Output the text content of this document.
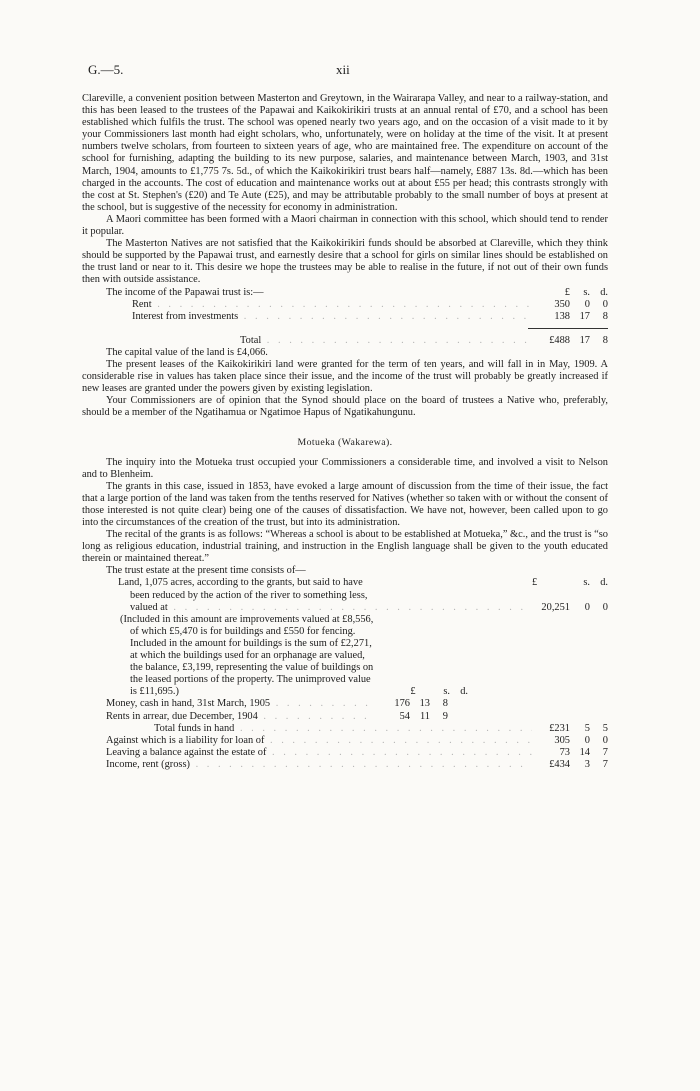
G.—5.	xii

Clareville, a convenient position between Masterton and Greytown, in the Wairarapa Valley, and near to a railway-station, and this has been leased to the trustees of the Papawai and Kaikokirikiri trusts at an annual rental of £70, and a school has been established which fulfils the trust. The school was opened nearly two years ago, and on the occasion of a visit made to it by your Commissioners last month had eight scholars, who, unfortunately, were on holiday at the time of the visit. It at present numbers twelve scholars, from fourteen to sixteen years of age, who are maintained free. The expenditure on account of the school for furnishing, adapting the building to its new purpose, salaries, and maintenance between March, 1903, and 31st March, 1904, amounts to £1,775 7s. 5d., of which the Kaikokirikiri trust bears half—namely, £887 13s. 8d.—which has been charged in the accounts. The cost of education and maintenance works out at about £55 per head; this contrasts strongly with the cost at St. Stephen's (£20) and Te Aute (£25), and may be attributable probably to the small number of boys at present at the school, but is suggestive of the necessity for economy in administration.

A Maori committee has been formed with a Maori chairman in connection with this school, which should tend to render it popular.

The Masterton Natives are not satisfied that the Kaikokirikiri funds should be absorbed at Clareville, which they think should be supported by the Papawai trust, and earnestly desire that a school for girls on similar lines should be established on the trust land or near to it. This desire we hope the trustees may be able to realise in the future, if not out of their own funds then with outside assistance.

The income of the Papawai trust is:—	£	s. d.
Rent . . .	350	0	0
Interest from investments . . .	138 17	8
Total . . .	£488 17	8

The capital value of the land is £4,066.

The present leases of the Kaikokirikiri land were granted for the term of ten years, and will fall in in May, 1909. A considerable rise in values has taken place since their issue, and the income of the trust will probably be greatly increased if new leases are granted under the powers given by existing legislation.

Your Commissioners are of opinion that the Synod should place on the board of trustees a Native who, preferably, should be a member of the Ngatihamua or Ngatimoe Hapus of Ngatikahungunu.

Motueka (Wakarewa).

The inquiry into the Motueka trust occupied your Commissioners a considerable time, and involved a visit to Nelson and to Blenheim.

The grants in this case, issued in 1853, have evoked a large amount of discussion from the time of their issue, the fact that a large portion of the land was taken from the tenths reserved for Natives (whether so taken with or without the consent of those interested is not quite clear) being one of the causes of dissatisfaction. We have not, however, been called upon to go into the circumstances of the creation of the trust, but into its administration.

The recital of the grants is as follows: “Whereas a school is about to be established at Motueka,” &c., and the trust is “so long as religious education, industrial training, and instruction in the English language shall be given to the youth educated therein or maintained thereat.”

The trust estate at the present time consists of—

Land, 1,075 acres, according to the grants, but said to have	£	s. d.
been reduced by the action of the river to something less,
valued at . . .	20,251	0	0
(Included in this amount are improvements valued at £8,556,
of which £5,470 is for buildings and £550 for fencing.
Included in the amount for buildings is the sum of £2,271,
at which the buildings used for an orphanage are valued,
the balance, £3,199, representing the value of buildings on
the leased portions of the property. The unimproved value
is £11,695.)	£	s. d.
Money, cash in hand, 31st March, 1905 . . .	176 13	8
Rents in arrear, due December, 1904 . . .	54 11	9
Total funds in hand . . .	£231	5	5
Against which is a liability for loan of . . .	305	0	0
Leaving a balance against the estate of . . .	73 14	7
Income, rent (gross) . . .	£434	3	7
